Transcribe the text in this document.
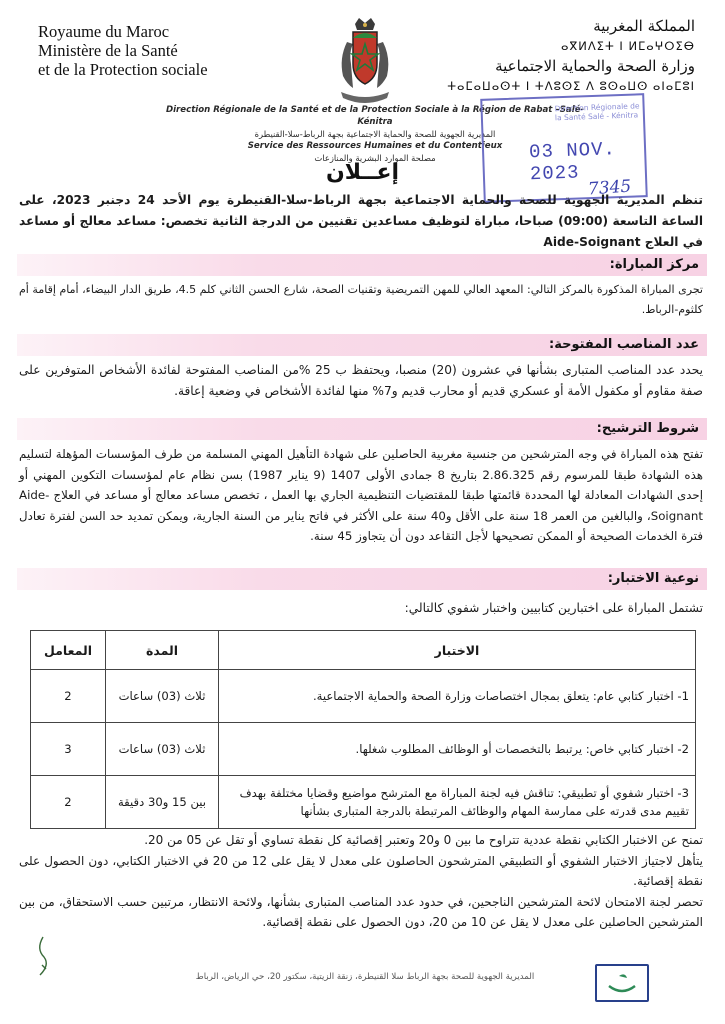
Royaume du Maroc
Ministère de la Santé
et de la Protection sociale
المملكة المغربية
ⴰⴳⵍⴷⵉⵜ ⵏ ⵍⵎⴰⵖⵔⵉⴱ
وزارة الصحة والحماية الاجتماعية
ⵜⴰⵎⴰⵡⴰⵙⵜ ⵏ ⵜⴷⵓⵙⵉ ⴷ ⵓⵙⴰⵡⵙ ⴰⵏⴰⵎⵓⵏ
Direction Régionale de la Santé et de la Protection Sociale à la Région de Rabat –Salé- Kénitra
المديرية الجهوية للصحة والحماية الاجتماعية بجهة الرباط-سلا-القنيطرة
Service des Ressources Humaines et du Contentieux
مصلحة الموارد البشرية والمنازعات
Direction Régionale de la Santé Salé - Kénitra
03 NOV. 2023
7345
إعــلان
تنظم المديرية الجهوية للصحة والحماية الاجتماعية بجهة الرباط-سلا-القنيطرة يوم الأحد 24 دجنبر 2023، على الساعة التاسعة (09:00) صباحا، مباراة لتوظيف مساعدين تقنيين من الدرجة الثانية تخصص: مساعد معالج أو مساعد في العلاج Aide-Soignant
مركز المباراة:
تجرى المباراة المذكورة بالمركز التالي: المعهد العالي للمهن التمريضية وتقنيات الصحة، شارع الحسن الثاني كلم 4.5، طريق الدار البيضاء، أمام إقامة أم كلثوم-الرباط.
عدد المناصب المفتوحة:
يحدد عدد المناصب المتبارى بشأنها في عشرون (20) منصبا، ويحتفظ ب 25 %من المناصب المفتوحة لفائدة الأشخاص المتوفرين على صفة مقاوم أو مكفول الأمة أو عسكري قديم أو محارب قديم و7% منها لفائدة الأشخاص في وضعية إعاقة.
شروط الترشيح:
تفتح هذه المباراة في وجه المترشحين من جنسية مغربية الحاصلين على شهادة التأهيل المهني المسلمة من طرف المؤسسات المؤهلة لتسليم هذه الشهادة طبقا للمرسوم رقم 2.86.325 بتاريخ 8 جمادى الأولى 1407 (9 يناير 1987) بسن نظام عام لمؤسسات التكوين المهني أو إحدى الشهادات المعادلة لها المحددة قائمتها طبقا للمقتضيات التنظيمية الجاري بها العمل ، تخصص مساعد معالج أو مساعد في العلاج Aide-Soignant، والبالغين من العمر 18 سنة على الأقل و40 سنة على الأكثر في فاتح يناير من السنة الجارية، ويمكن تمديد حد السن لفترة تعادل فترة الخدمات الصحيحة أو الممكن تصحيحها لأجل التقاعد دون أن يتجاوز 45 سنة.
نوعية الاختبار:
تشتمل المباراة على اختبارين كتابيين واختبار شفوي كالتالي:
الاختبار	المدة	المعامل
1- اختبار كتابي عام: يتعلق بمجال اختصاصات وزارة الصحة والحماية الاجتماعية.	ثلاث (03) ساعات	2
2- اختبار كتابي خاص: يرتبط بالتخصصات أو الوظائف المطلوب شغلها.	ثلاث (03) ساعات	3
3- اختبار شفوي أو تطبيقي: تناقش فيه لجنة المباراة مع المترشح مواضيع وقضايا مختلفة بهدف تقييم مدى قدرته على ممارسة المهام والوظائف المرتبطة بالدرجة المتبارى بشأنها	بين 15 و30 دقيقة	2
تمنح عن الاختبار الكتابي نقطة عددية تتراوح ما بين 0 و20 وتعتبر إقصائية كل نقطة تساوي أو تقل عن 05 من 20.
يتأهل لاجتياز الاختبار الشفوي أو التطبيقي المترشحون الحاصلون على معدل لا يقل على 12 من 20 في الاختبار الكتابي، دون الحصول على نقطة إقصائية.
تحصر لجنة الامتحان لائحة المترشحين الناجحين، في حدود عدد المناصب المتبارى بشأنها، ولائحة الانتظار، مرتبين حسب الاستحقاق، من بين المترشحين الحاصلين على معدل لا يقل عن 10 من 20، دون الحصول على نقطة إقصائية.
المديرية الجهوية للصحة بجهة الرباط سلا القنيطرة، زنقة الزيتية، سكتور 20، حي الرياض، الرباط
